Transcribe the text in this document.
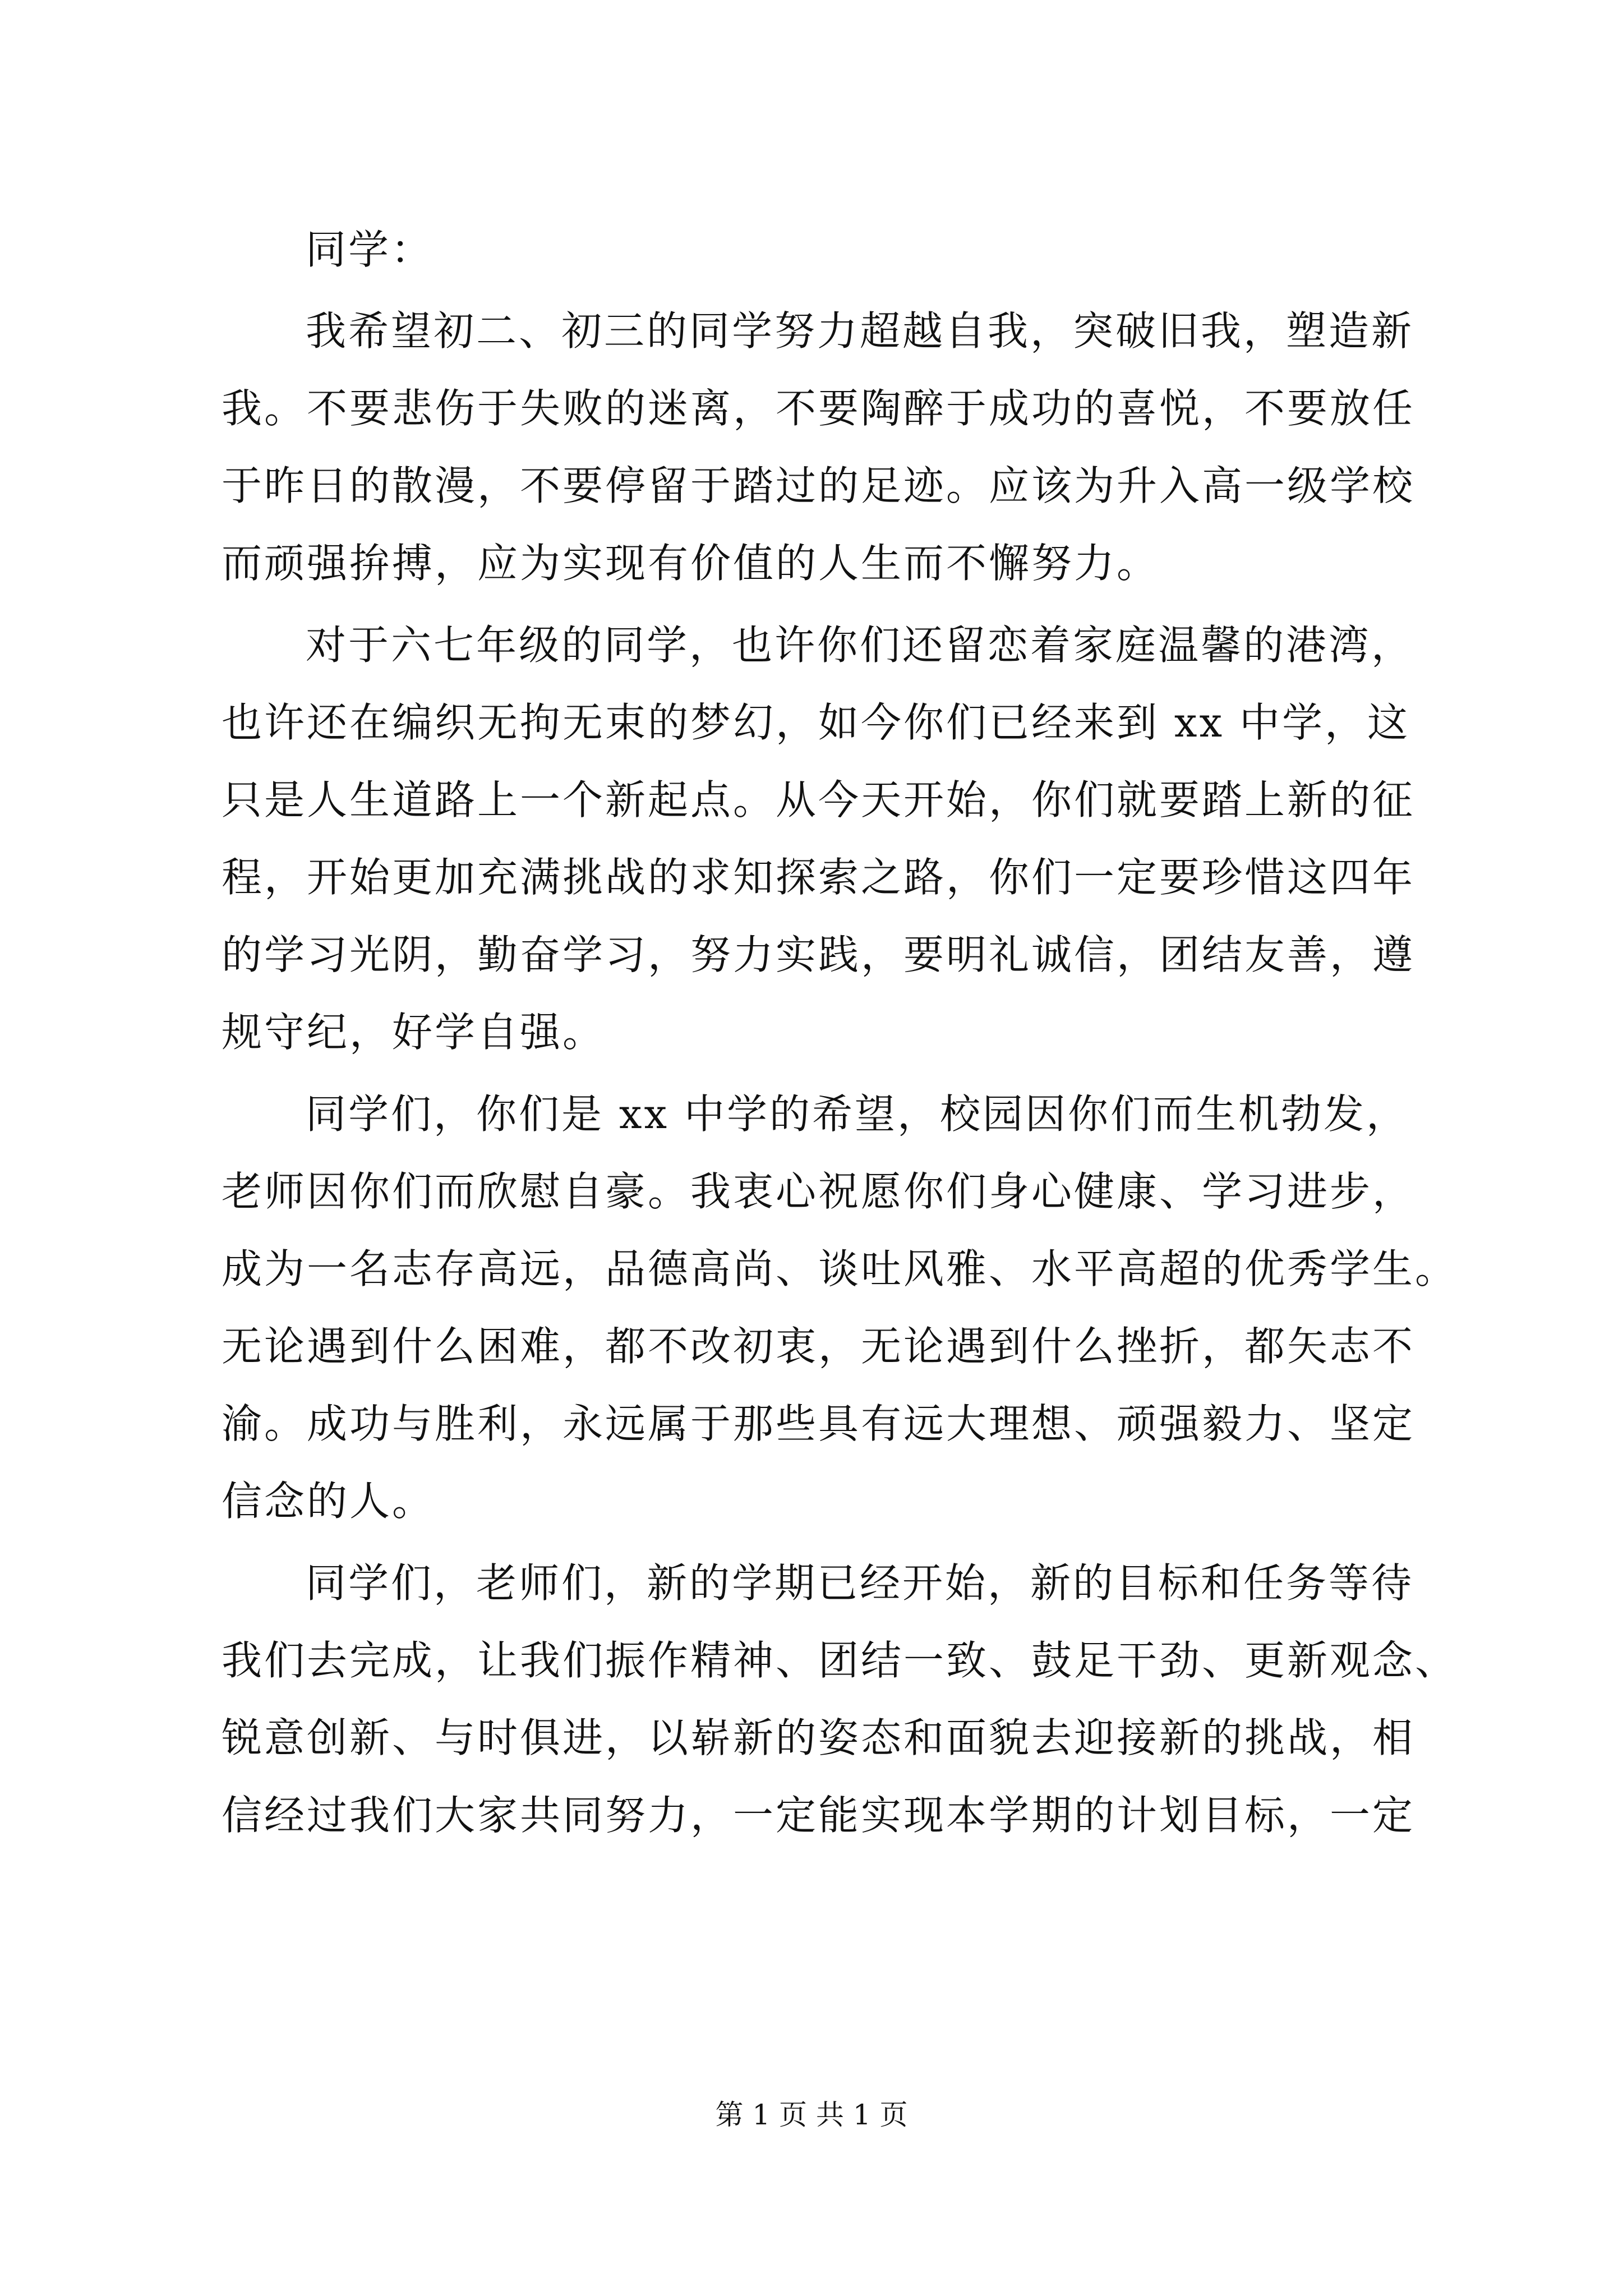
同学：
我希望初二、初三的同学努力超越自我，突破旧我，塑造新
我。不要悲伤于失败的迷离，不要陶醉于成功的喜悦，不要放任
于昨日的散漫，不要停留于踏过的足迹。应该为升入高一级学校
而顽强拚搏，应为实现有价值的人生而不懈努力。
对于六七年级的同学，也许你们还留恋着家庭温馨的港湾，
也许还在编织无拘无束的梦幻，如今你们已经来到 xx 中学，这
只是人生道路上一个新起点。从今天开始，你们就要踏上新的征
程，开始更加充满挑战的求知探索之路，你们一定要珍惜这四年
的学习光阴，勤奋学习，努力实践，要明礼诚信，团结友善，遵
规守纪，好学自强。
同学们，你们是 xx 中学的希望，校园因你们而生机勃发，
老师因你们而欣慰自豪。我衷心祝愿你们身心健康、学习进步，
成为一名志存高远，品德高尚、谈吐风雅、水平高超的优秀学生。
无论遇到什么困难，都不改初衷，无论遇到什么挫折，都矢志不
渝。成功与胜利，永远属于那些具有远大理想、顽强毅力、坚定
信念的人。
同学们，老师们，新的学期已经开始，新的目标和任务等待
我们去完成，让我们振作精神、团结一致、鼓足干劲、更新观念、
锐意创新、与时俱进，以崭新的姿态和面貌去迎接新的挑战，相
信经过我们大家共同努力，一定能实现本学期的计划目标，一定
第 1 页 共 1 页
